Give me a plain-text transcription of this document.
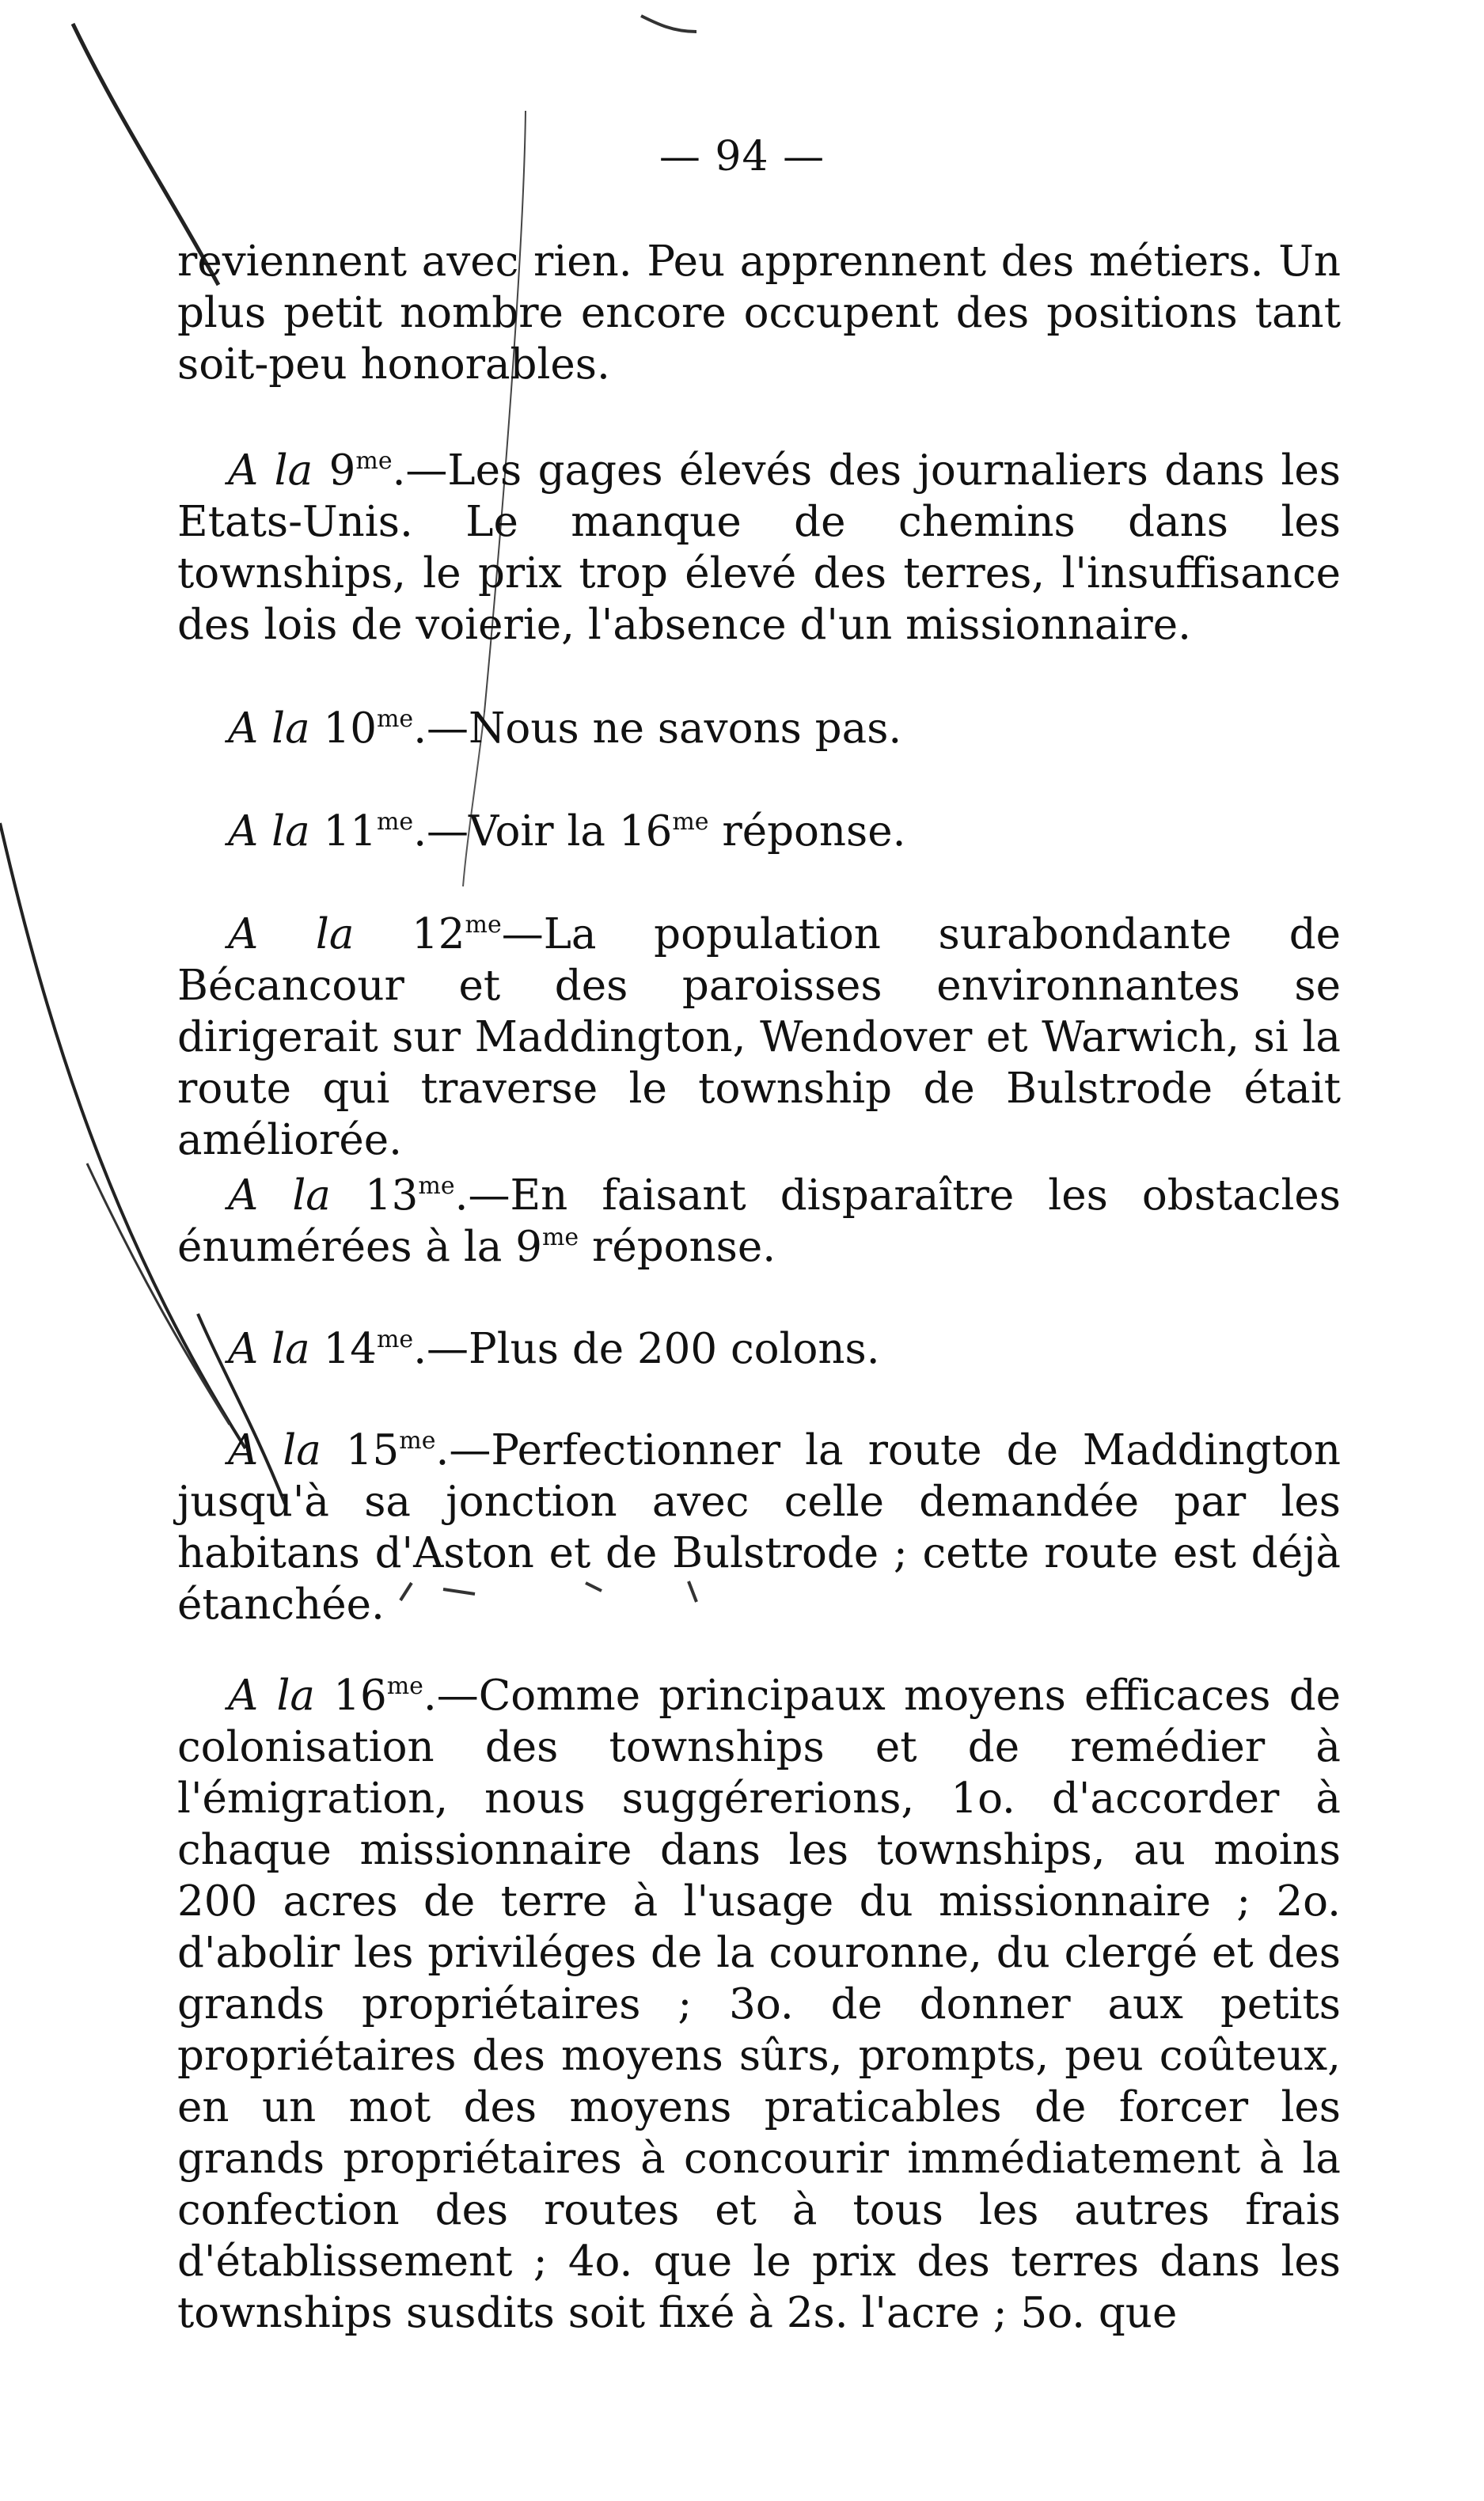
— 94 —

reviennent avec rien. Peu apprennent des métiers. Un plus petit nombre encore occupent des positions tant soit-peu honorables.

A la $9^{me}.—Les$ gages élevés des journaliers dans les Etats-Unis. Le manque de chemins dans les townships, le prix trop élevé des terres, l'insuffisance des lois de voierie, l'absence d'un missionnaire.

A la $10^{me}.—Nous$ ne savons pas.

A la $11^{me}.—Voir$ la $16^{me}$ réponse.

A la $12^{me}—La$ population surabondante de Bécancour et des paroisses environnantes se dirigerait sur Maddington, Wendover et Warwich, si la route qui traverse le township de Bulstrode était améliorée.

A la $13^{me}.—En$ faisant disparaître les obstacles énumérées à la $9^{me}$ réponse.

A la $14^{me}.—Plus$ de 200 colons.

A la $15^{me}.—Perfectionner$ la route de Maddington jusqu'à sa jonction avec celle demandée par les habitans d'Aston et de Bulstrode ; cette route est déjà étanchée.

A la $16^{me}.—Comme$ principaux moyens efficaces de colonisation des townships et de remédier à l'émigration, nous suggérerions, 1o. d'accorder à chaque missionnaire dans les townships, au moins 200 acres de terre à l'usage du missionnaire ; 2o. d'abolir les priviléges de la couronne, du clergé et des grands propriétaires ; 3o. de donner aux petits propriétaires des moyens sûrs, prompts, peu coûteux, en un mot des moyens praticables de forcer les grands propriétaires à concourir immédiatement à la confection des routes et à tous les autres frais d'établissement ; 4o. que le prix des terres dans les townships susdits soit fixé à 2s. l'acre ; 5o. que
